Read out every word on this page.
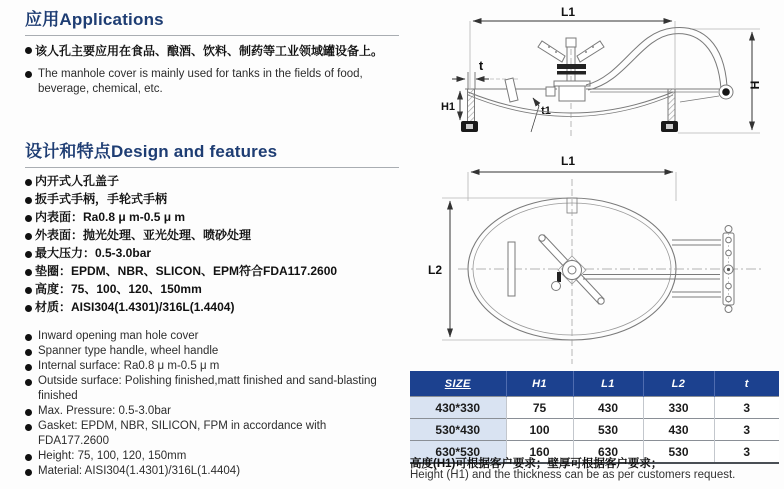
应用Applications
该人孔主要应用在食品、酿酒、饮料、制药等工业领域罐设备上。
The manhole cover is mainly used for tanks in the fields of food, beverage, chemical, etc.
设计和特点Design and features
内开式人孔盖子
扳手式手柄，手轮式手柄
内表面：Ra0.8 μ m-0.5 μ m
外表面：抛光处理、亚光处理、喷砂处理
最大压力：0.5-3.0bar
垫圈：EPDM、NBR、SLICON、EPM符合FDA117.2600
高度：75、100、120、150mm
材质：AISI304(1.4301)/316L(1.4404)
Inward opening man hole cover
Spanner type handle, wheel handle
Internal surface: Ra0.8 μ m-0.5 μ m
Outside surface: Polishing finished,matt finished and sand-blasting finished
Max. Pressure: 0.5-3.0bar
Gasket: EPDM, NBR, SILICON, FPM in accordance with FDA177.2600
Height: 75, 100, 120, 150mm
Material: AISI304(1.4301)/316L(1.4404)
L1
H
t
H1	t1
L1
L2
SIZE	H1	L1	L2	t
430*330	75	430	330	3
530*430	100	530	430	3
630*530	160	630	530	3
高度(H1)可根据客户要求；壁厚可根据客户要求；
Height (H1) and the thickness can be as per customers request.
